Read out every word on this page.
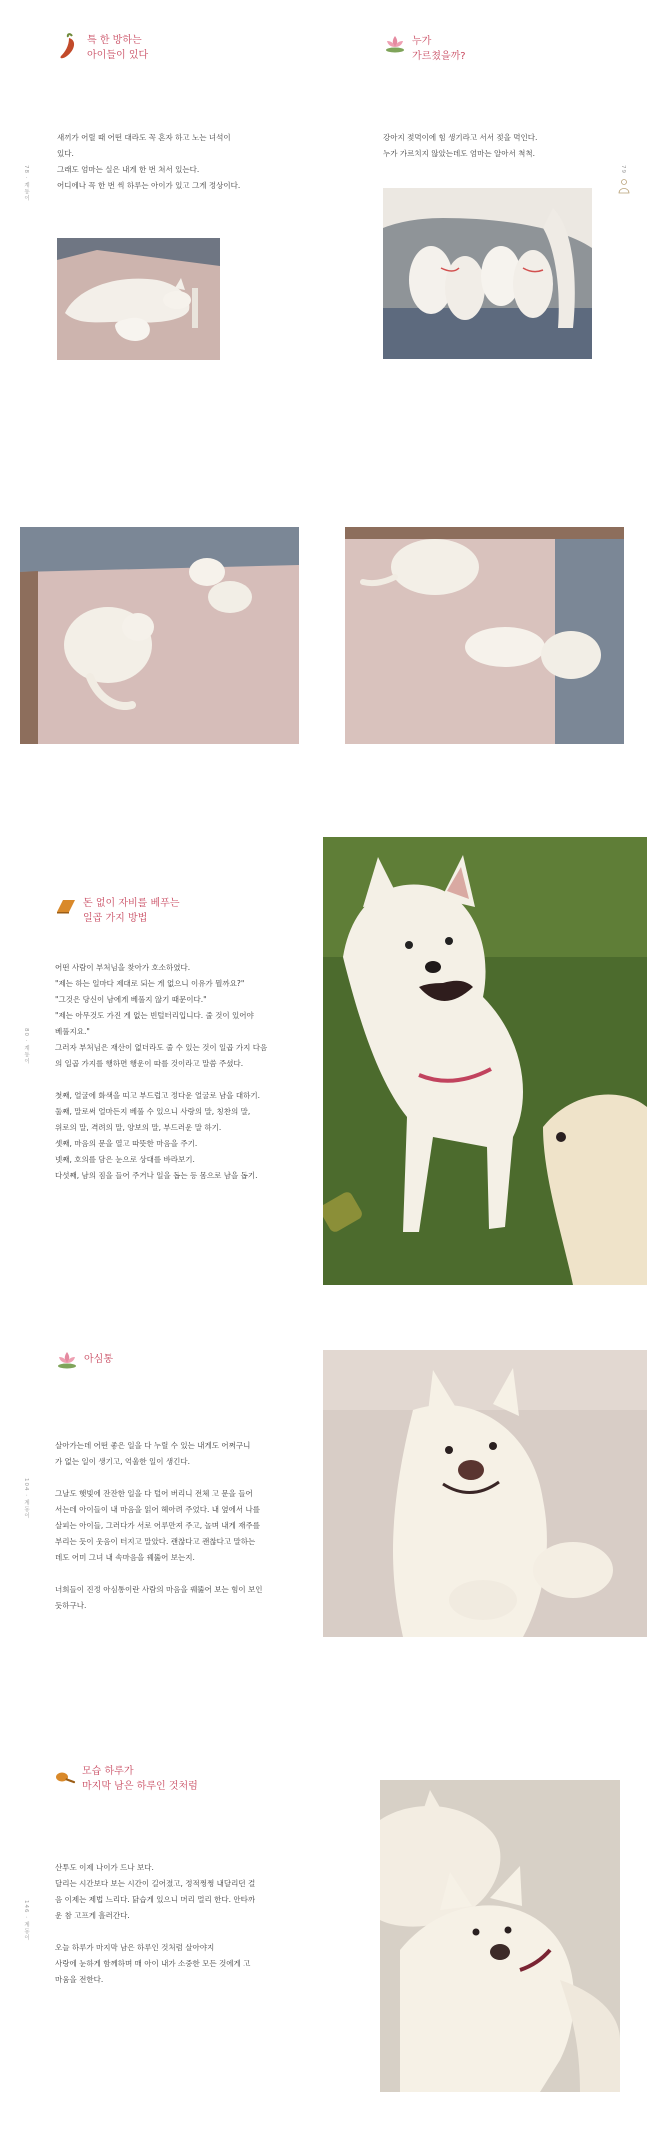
특 한 방하는
아이들이 있다
78 · 계동이
새끼가 어릴 때 어떤 대라도 꼭 혼자 하고 노는 녀석이
있다.
그래도 엄마는 실은 내게 한 번 쳐서 있는다.
어디에나 꼭 한 번 씩 하루는 아이가 있고 그게 정상이다.
누가
가르쳤을까?
79
강아지 젖먹이에 힘 생기라고 서서 젖을 먹인다.
누가 가르치지 않았는데도 엄마는 알아서 척척.
돈 없이 자비를 베푸는
일곱 가지 방법
80 · 계동이
어떤 사람이 부처님을 찾아가 호소하였다.
"제는 하는 일마다 제대로 되는 게 없으니 이유가 뭘까요?"
"그것은 당신이 남에게 베풀지 않기 때문이다."
"제는 아무것도 가진 게 없는 빈털터리입니다. 줄 것이 있어야
베풀지요."
그러자 부처님은 재산이 없더라도 줄 수 있는 것이 일곱 가지 다음
의 일곱 가지를 행하면 행운이 따를 것이라고 말씀 주셨다.

첫째, 얼굴에 화색을 띠고 부드럽고 정다운 얼굴로 남을 대하기.
둘째, 말로써 얼마든지 베풀 수 있으니 사랑의 말, 칭찬의 말,
위로의 말, 격려의 말, 양보의 말, 부드러운 말 하기.
셋째, 마음의 문을 열고 따뜻한 마음을 주기.
넷째, 호의를 담은 눈으로 상대를 바라보기.
다섯째, 남의 짐을 들어 주거나 일을 돕는 등 몸으로 남을 돕기.
아심통
104 · 계동이
살아가는데 어떤 좋은 일을 다 누릴 수 있는 내게도 어쩌구니
가 없는 일이 생기고, 억울한 일이 생긴다.

그날도 햇빛에 잔잔한 일을 다 털어 버리니 전체 고 문을 들어
서는데 아이들이 내 마음을 읽어 헤아려 주었다. 내 옆에서 나를
살피는 아이들, 그러다가 서로 어루만져 주고, 놀며 내게 재주를
부리는 듯이 웃음이 터지고 말았다. 괜찮다고 괜찮다고 말하는
데도 어미 그녀 내 속마음을 꿰뚫어 보는지.

너희들이 진정 아심통이란 사람의 마음을 꿰뚫어 보는 힘이 보인
듯하구나.
모습 하루가
마지막 남은 하루인 것처럼
146 · 계동이
산투도 이제 나이가 드나 보다.
달리는 시간보다 보는 시간이 길어졌고, 정적쩡쩡 내달리던 걸
음 이제는 제법 느리다. 닭습게 있으니 머리 멀리 한다. 안타까
운 참 고프게 흘러간다.

오늘 하루가 마지막 남은 하루인 것처럼 살아야지
사랑에 눈하게 함께하며 매 아이 내가 소중한 모든 것에게 고
마움을 전한다.
